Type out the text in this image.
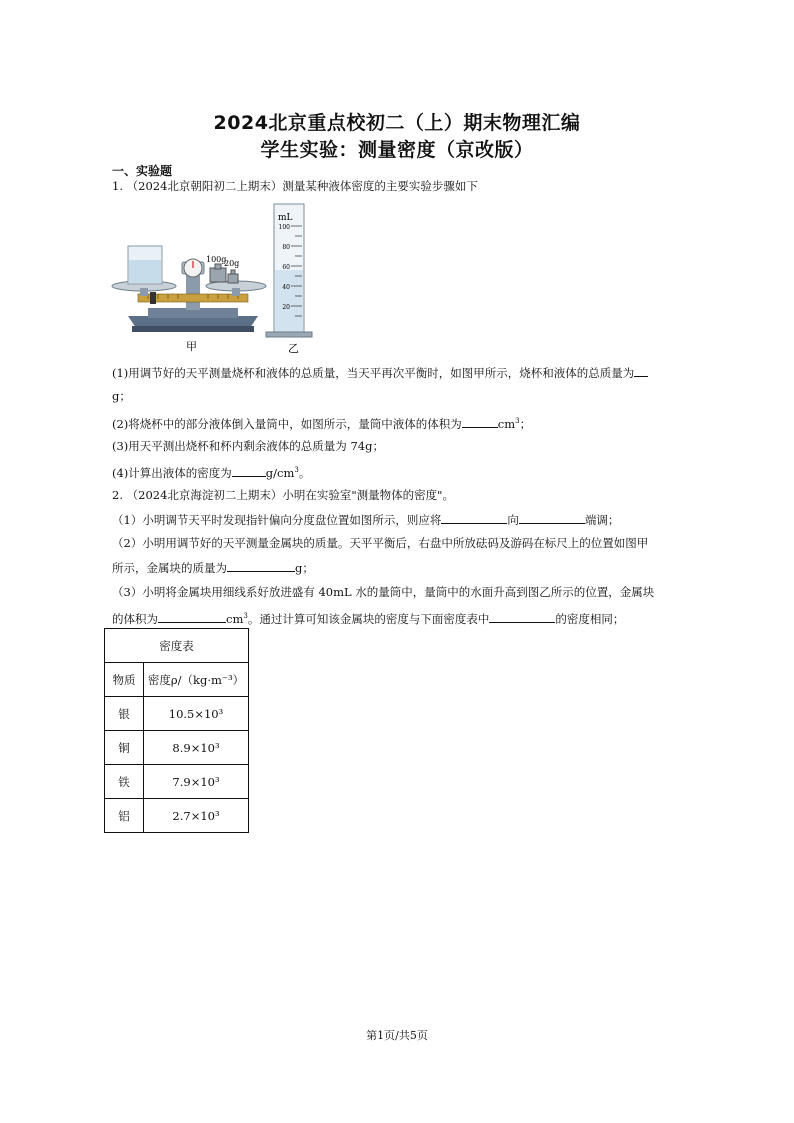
2024北京重点校初二（上）期末物理汇编
学生实验：测量密度（京改版）
一、实验题
1. （2024北京朝阳初二上期末）测量某种液体密度的主要实验步骤如下
100g
20g
mL
100
80
60
40
20
甲	乙
(1)用调节好的天平测量烧杯和液体的总质量，当天平再次平衡时，如图甲所示，烧杯和液体的总质量为
g；
(2)将烧杯中的部分液体倒入量筒中，如图所示，量筒中液体的体积为	$cm^3$；
(3)用天平测出烧杯和杯内剩余液体的总质量为 74g；
(4)计算出液体的密度为	$g/cm^3$。
2. （2024北京海淀初二上期末）小明在实验室"测量物体的密度"。
（1）小明调节天平时发现指针偏向分度盘位置如图所示，则应将	向	端调；
（2）小明用调节好的天平测量金属块的质量。天平平衡后，右盘中所放砝码及游码在标尺上的位置如图甲
所示，金属块的质量为	g；
（3）小明将金属块用细线系好放进盛有 40mL 水的量筒中，量筒中的水面升高到图乙所示的位置，金属块
的体积为	$cm^3$。通过计算可知该金属块的密度与下面密度表中	的密度相同；
密度表	
物质	密度ρ/（kg·m⁻³）
银	10.5×10³
铜	8.9×10³
铁	7.9×10³
铝	2.7×10³
第1页/共5页
